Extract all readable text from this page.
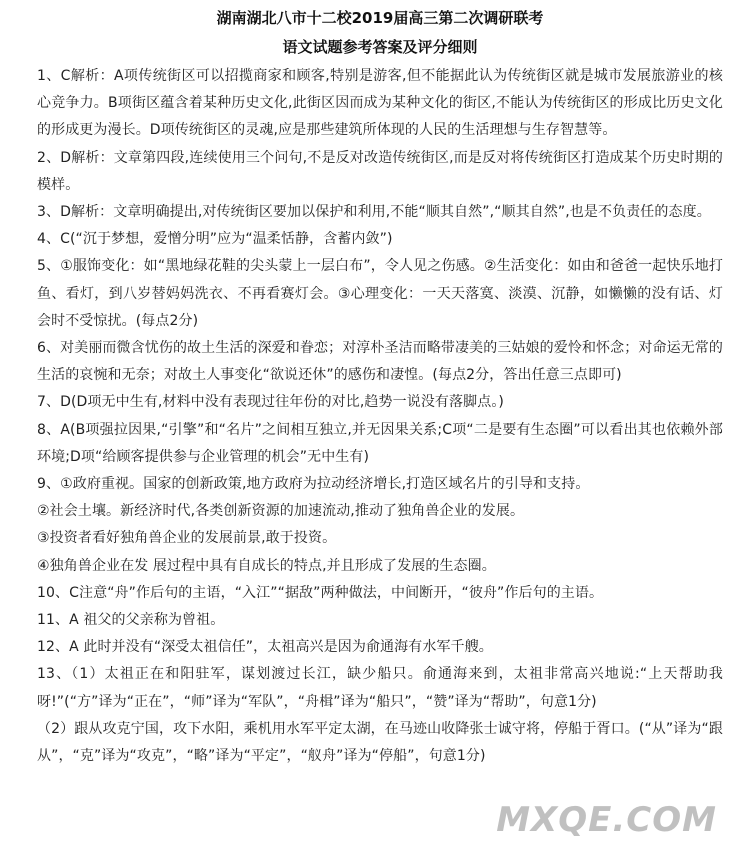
湖南湖北八市十二校2019届高三第二次调研联考
语文试题参考答案及评分细则

1、C解析：A项传统街区可以招揽商家和顾客,特别是游客,但不能据此认为传统街区就是城市发展旅游业的核心竞争力。B项街区蕴含着某种历史文化,此街区因而成为某种文化的街区,不能认为传统街区的形成比历史文化的形成更为漫长。D项传统街区的灵魂,应是那些建筑所体现的人民的生活理想与生存智慧等。

2、D解析：文章第四段,连续使用三个问句,不是反对改造传统街区,而是反对将传统街区打造成某个历史时期的模样。

3、D解析：文章明确提出,对传统街区要加以保护和利用,不能“顺其自然”,“顺其自然”,也是不负责任的态度。

4、C(“沉于梦想，爱憎分明”应为“温柔恬静，含蓄内敛”)

5、①服饰变化：如“黑地绿花鞋的尖头蒙上一层白布”，令人见之伤感。②生活变化：如由和爸爸一起快乐地打鱼、看灯，到八岁替妈妈洗衣、不再看赛灯会。③心理变化：一天天落寞、淡漠、沉静，如懒懒的没有话、灯会时不受惊扰。(每点2分)

6、对美丽而微含忧伤的故土生活的深爱和眷恋；对淳朴圣洁而略带凄美的三姑娘的爱怜和怀念；对命运无常的生活的哀惋和无奈；对故土人事变化“欲说还休”的感伤和凄惶。(每点2分，答出任意三点即可)

7、D(D项无中生有,材料中没有表现过往年份的对比,趋势一说没有落脚点。)

8、A(B项强拉因果,“引擎”和“名片”之间相互独立,并无因果关系;C项“二是要有生态圈”可以看出其也依赖外部环境;D项“给顾客提供参与企业管理的机会”无中生有)

9、①政府重视。国家的创新政策,地方政府为拉动经济增长,打造区域名片的引导和支持。

②社会土壤。新经济时代,各类创新资源的加速流动,推动了独角兽企业的发展。

③投资者看好独角兽企业的发展前景,敢于投资。

④独角兽企业在发 展过程中具有自成长的特点,并且形成了发展的生态圈。

10、C注意“舟”作后句的主语，“入江”“据敌”两种做法，中间断开，“彼舟”作后句的主语。

11、A 祖父的父亲称为曾祖。

12、A 此时并没有“深受太祖信任”，太祖高兴是因为俞通海有水军千艘。

13、（1）太祖正在和阳驻军，谋划渡过长江，缺少船只。俞通海来到，太祖非常高兴地说:“上天帮助我呀!”(“方”译为“正在”，“师”译为“军队”，“舟楫”译为“船只”，“赞”译为“帮助”，句意1分)

（2）跟从攻克宁国，攻下水阳，乘机用水军平定太湖，在马迹山收降张士诚守将，停船于胥口。(“从”译为“跟从”，“克”译为“攻克”，“略”译为“平定”，“舣舟”译为“停船”，句意1分)

MXQE.COM
